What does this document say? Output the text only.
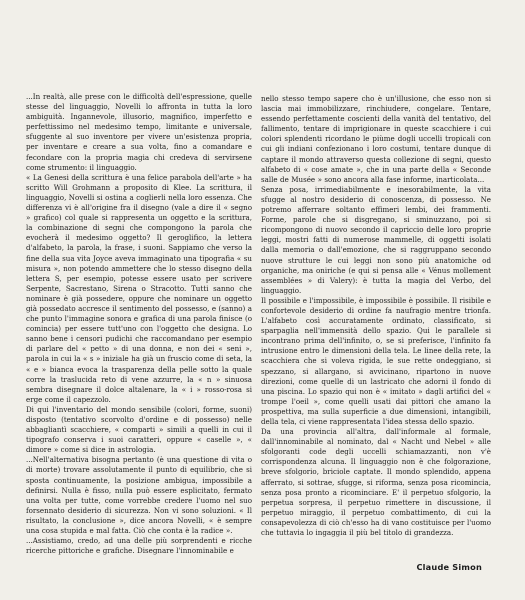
...In realtà, alle prese con le difficoltà dell'espressione, quelle stesse del linguaggio, Novelli lo affronta in tutta la loro ambiguità. Ingannevole, illusorio, magnifico, imperfetto e perfettissimo nel medesimo tempo, limitante e universale, sfuggente al suo inventore per vivere un'esistenza propria, per inventare e creare a sua volta, fino a comandare e fecondare con la propria magia chi credeva di servirsene come strumento: il linguaggio.

« La Genesi della scrittura è una felice parabola dell'arte » ha scritto Will Grohmann a proposito di Klee. La scrittura, il linguaggio, Novelli si ostina a coglierli nella loro essenza. Che differenza vi è all'origine fra il disegno (vale a dire il « segno » grafico) col quale si rappresenta un oggetto e la scrittura, la combinazione di segni che compongono la parola che evocherà il medesimo oggetto? Il geroglifico, la lettera d'alfabeto, la parola, la frase, i suoni. Sappiamo che verso la fine della sua vita Joyce aveva immaginato una tipografia « su misura », non potendo ammettere che lo stesso disegno della lettera S, per esempio, potesse essere usato per scrivere Serpente, Sacrestano, Sirena o Stracotto. Tutti sanno che nominare è già possedere, oppure che nominare un oggetto già possedato accresce il sentimento del possesso, e (sanno) a che punto l'immagine sonora e grafica di una parola finisce (o comincia) per essere tutt'uno con l'oggetto che designa. Lo sanno bene i censori pudichi che raccomandano per esempio di parlare del « petto » di una donna, e non dei « seni », parola in cui la « s » iniziale ha già un fruscio come di seta, la « e » bianca evoca la trasparenza della pelle sotto la quale corre la traslucida reto di vene azzurre, la « n » sinuosa sembra disegnare il dolce altalenare, la « i » rosso-rosa si erge come il capezzolo.

Di qui l'inventario del mondo sensibile (colori, forme, suoni) disposto (tentativo scorvolto d'ordine e di possesso) nelle abbagliantì scacchiere, « comparti » simili a quelli in cui il tipografo conserva i suoi caratteri, oppure « caselle », « dimore » come si dice in astrologia.

...Nell'alternativa bisogna pertanto (è una questione di vita o di morte) trovare assolutamente il punto di equilibrio, che si sposta continuamente, la posizione ambigua, impossibile a definirsi. Nulla è fisso, nulla può essere esplicitato, fermato una volta per tutte, come vorrebbe credere l'uomo nel suo forsennato desiderio di sicurezza. Non vi sono soluzioni. « Il risultato, la conclusione », dice ancora Novelli, « è sempre una cosa stupida e mal fatta. Ciò che conta è la radice ».

...Assistiamo, credo, ad una delle più sorprendenti e ricche ricerche pittoriche e grafiche. Disegnare l'innominabile e

nello stesso tempo sapere cho è un'illusione, che esso non si lascia mai immobilizzare, rinchiudere, congelare. Tentare, essendo perfettamente coscienti della vanità del tentativo, del fallimento, tentare di imprigionare in queste scacchiere i cui colori splendenti ricordano le piùme dogli uccelli tropicali con cui gli indiani confezionano i loro costumi, tentare dunque di captare il mondo attraverso questa collezione di segni, questo alfabeto di « cose amate », che in una parte della « Seconde salle de Musée » sono ancora alla fase informe, inarticolata...

Senza posa, irrimediabilmente e inesorabilmente, la vita sfugge al nostro desiderio di conoscenza, di possesso. Ne potremo afferrare soltanto effimeri lembi, dei frammenti. Forme, parole che si disgregano, si sminuzzano, poi si ricompongono di nuovo secondo il capriccio delle loro proprie leggi, mostri fatti di numerose mammelle, di oggetti isolati dalla memoria o dall'emozione, che si raggruppano secondo nuove strutture le cui leggi non sono più anatomiche od organiche, ma oniriche (e qui si pensa alle « Vénus mollement assemblées » di Valery): è tutta la magia del Verbo, del linguaggio.

Il possibile e l'impossibile, è impossibile è possibile. Il risibile e confortevole desiderio di ordine fa naufragio mentre trionfa. L'alfabeto così accuratamente ordinato, classificato, si sparpaglia nell'immensità dello spazio. Qui le parallele si incontrano prima dell'infinito, o, se si preferisce, l'infinito fa intrusione entro le dimensioni della tela. Le linee della rete, la scacchiera che si voleva rigida, le sue rette ondeggiano, si spezzano, si allargano, si avvicinano, ripartono in nuove direzioni, come quelle di un lastricato che adorni il fondo di una piscina. Lo spazio qui non è « imitato » dagli artifici del « trompe l'oeil », come quelli usati dai pittori che amano la prospettiva, ma sulla superficie a due dimensioni, intangibili, della tela, ci viene rappresentata l'idea stessa dello spazio.

Da una provincia all'altra, dall'informale al formale, dall'innominabile al nominato, dal « Nacht und Nebel » alle sfolgoranti code degli uccelli schiamazzanti, non v'è corrispondenza alcuna. Il linguaggio non è che folgorazione, breve sfolgorio, briciole captate. Il mondo splendido, appena afferrato, si sottrae, sfugge, si riforma, senza posa ricomincia, senza posa pronto a ricominciare. E' il perpetuo sfolgorio, la perpetua sorpresa, il perpetuo rimettere in discussione, il perpetuo miraggio, il perpetuo combattimento, di cui la consapevolezza di ciò ch'esso ha di vano costituisce per l'uomo che tuttavia lo ingaggia il più bel titolo di grandezza.

Claude Simon
